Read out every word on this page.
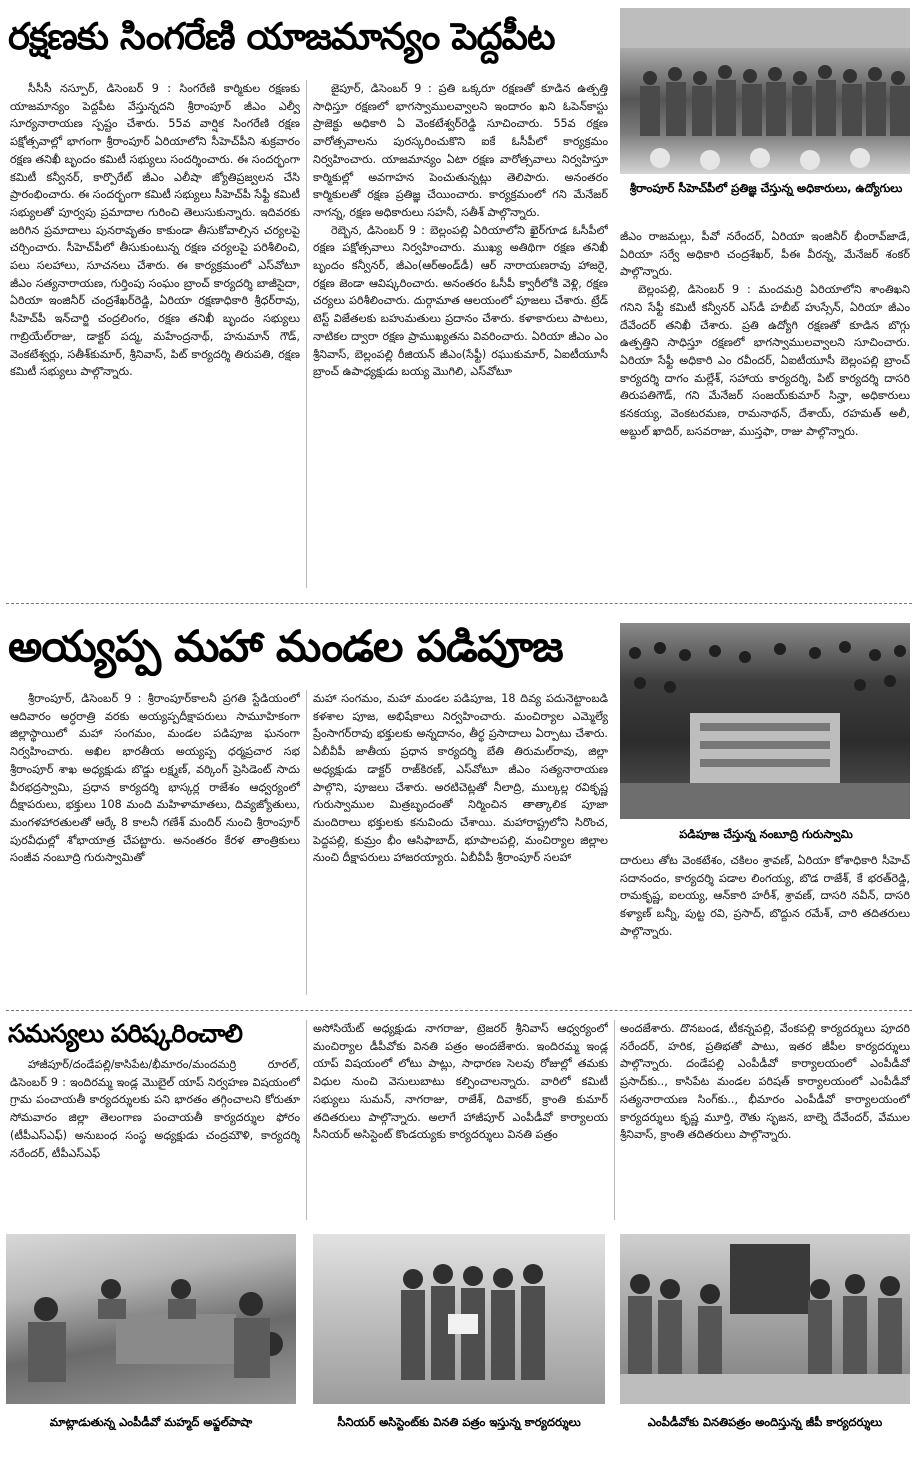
రక్షణకు సింగరేణి యాజమాన్యం పెద్దపీట

సీసీసీ నస్పూర్‌, డిసెంబర్‌ 9 : సింగరేణి కార్మికుల రక్షణకు యాజమాన్యం పెద్దపీట వేస్తున్నదని శ్రీరాంపూర్‌ జీఎం ఎల్వీ సూర్యనారాయణ స్పష్టం చేశారు. 55వ వార్షిక సింగరేణి రక్షణ పక్షోత్సవాల్లో భాగంగా శ్రీరాంపూర్‌ ఏరియాలోని సీహెచ్‌పీని శుక్రవారం రక్షణ తనిఖీ బృందం కమిటీ సభ్యులు సందర్శించారు. ఈ సందర్భంగా కమిటీ కన్వీనర్‌, కార్పొరేట్‌ జీఎం ఎలీషా జ్యోతిప్రజ్వలన చేసి ప్రారంభించారు. ఈ సందర్భంగా కమిటీ సభ్యులు సీహెచ్‌పీ సేఫ్టీ కమిటీ సభ్యులతో పూర్వపు ప్రమాదాల గురించి తెలుసుకున్నారు. ఇదివరకు జరిగిన ప్రమాదాలు పునరావృతం కాకుండా తీసుకోవాల్సిన చర్యలపై చర్చించారు. సీహెచ్‌పీలో తీసుకుంటున్న రక్షణ చర్యలపై పరిశీలించి, పలు సలహాలు, సూచనలు చేశారు. ఈ కార్యక్రమంలో ఎస్‌వోటూ జీఎం సత్యనారాయణ, గుర్తింపు సంఘం బ్రాంచ్‌ కార్యదర్శి బాజీసైదా, ఏరియా ఇంజినీర్‌ చంద్రశేఖర్‌రెడ్డి, ఏరియా రక్షణాధికారి శ్రీధర్‌రావు, సీహెచ్‌పీ ఇన్‌చార్జి చంద్రలింగం, రక్షణ తనిఖీ బృందం సభ్యులు గాబ్రియేల్‌రాజు, డాక్టర్‌ పద్మ, మహేంద్రనాథ్‌, హనుమాన్‌ గౌడ్‌, వెంకటేశ్వర్లు, సతీశ్‌కుమార్‌, శ్రీనివాస్‌, పిట్‌ కార్యదర్శి తిరుపతి, రక్షణ కమిటీ సభ్యులు పాల్గొన్నారు.

జైపూర్‌, డిసెంబర్‌ 9 : ప్రతి ఒక్కరూ రక్షణతో కూడిన ఉత్పత్తి సాధిస్తూ రక్షణలో భాగస్వాములవ్వాలని ఇందారం ఖని ఓపెన్‌కాస్టు ప్రాజెక్టు అధికారి ఏ వెంకటేశ్వర్‌రెడ్డి సూచించారు. 55వ రక్షణ వారోత్సవాలను పురస్కరించుకొని ఐకే ఓసీపీలో కార్యక్రమం నిర్వహించారు. యాజమాన్యం ఏటా రక్షణ వారోత్సవాలు నిర్వహిస్తూ కార్మికుల్లో అవగాహన పెంచుతున్నట్లు తెలిపారు. అనంతరం కార్మికులతో రక్షణ ప్రతిజ్ఞ చేయించారు. కార్యక్రమంలో గని మేనేజర్‌ నాగన్న, రక్షణ అధికారులు సహనీ, సతీశ్‌ పాల్గొన్నారు.

రెబ్బెన, డిసెంబర్‌ 9 : బెల్లంపల్లి ఏరియాలోని ఖైర్‌గూడ ఓసీపీలో రక్షణ పక్షోత్సవాలు నిర్వహించారు. ముఖ్య అతిథిగా రక్షణ తనిఖీ బృందం కన్వీనర్‌, జీఎం(ఆర్‌అండ్‌డీ) ఆర్‌ నారాయణరావు హాజరై, రక్షణ జెండా ఆవిష్కరించారు. అనంతరం ఓసీపీ క్వారీలోకి వెళ్లి, రక్షణ చర్యలు పరిశీలించారు. దుర్గామాత ఆలయంలో పూజలు చేశారు. ట్రేడ్‌ టెస్ట్‌ విజేతలకు బహుమతులు ప్రదానం చేశారు. కళాకారులు పాటలు, నాటికల ద్వారా రక్షణ ప్రాముఖ్యతను వివరించారు. ఏరియా జీఎం ఎం శ్రీనివాస్‌, బెల్లంపల్లి రీజియన్‌ జీఎం(సేఫ్టీ) రఘుకుమార్‌, ఏఐటీయూసీ బ్రాంచ్‌ ఉపాధ్యక్షుడు బయ్య మొగిలి, ఎస్‌వోటూ

శ్రీరాంపూర్‌ సీహెచ్‌పీలో ప్రతిజ్ఞ చేస్తున్న అధికారులు, ఉద్యోగులు

జీఎం రాజమల్లు, పీవో నరేందర్‌, ఏరియా ఇంజినీర్‌ భీంరావ్‌జాడే, ఏరియా సర్వే అధికారి చంద్రశేఖర్‌, పీఈ వీరన్న, మేనేజర్‌ శంకర్‌ పాల్గొన్నారు.

బెల్లంపల్లి, డిసెంబర్‌ 9 : మందమర్రి ఏరియాలోని శాంతిఖని గనిని సేఫ్టీ కమిటీ కన్వీనర్‌ ఎస్‌డీ హబీబ్‌ హుస్సేన్‌, ఏరియా జీఎం దేవేందర్‌ తనిఖీ చేశారు. ప్రతి ఉద్యోగి రక్షణతో కూడిన బొగ్గు ఉత్పత్తిని సాధిస్తూ రక్షణలో భాగస్వాములవ్వాలని సూచించారు. ఏరియా సేఫ్టీ అధికారి ఎం రవీందర్‌, ఏఐటీయూసీ బెల్లంపల్లి బ్రాంచ్‌ కార్యదర్శి దాగం మల్లేశ్‌, సహాయ కార్యదర్శి, పిట్‌ కార్యదర్శి దాసరి తిరుపతిగౌడ్‌, గని మేనేజర్‌ సంజయ్‌కుమార్‌ సిన్హా, అధికారులు కనకయ్య, వెంకటరమణ, రామనాథన్‌, దేశాయ్‌, రహమత్‌ అలీ, అబ్దుల్‌ ఖాదిర్‌, బసవరాజు, ముస్తఫా, రాజు పాల్గొన్నారు.

అయ్యప్ప మహా మండల పడిపూజ

శ్రీరాంపూర్‌, డిసెంబర్‌ 9 : శ్రీరాంపూర్‌కాలనీ ప్రగతి స్టేడియంలో ఆదివారం అర్ధరాత్రి వరకు అయ్యప్పదీక్షాపరులు సామూహికంగా జిల్లాస్థాయిలో మహా సంగమం, మండల పడిపూజ ఘనంగా నిర్వహించారు. అఖిల భారతీయ అయ్యప్ప ధర్మప్రచార సభ శ్రీరాంపూర్‌ శాఖ అధ్యక్షుడు బొడ్డు లక్ష్మణ్‌, వర్కింగ్‌ ప్రెసిడెంట్‌ సాదు వీరభద్రస్వామి, ప్రధాన కార్యదర్శి భాస్కర్ల రాజేశం ఆధ్వర్యంలో దీక్షాపరులు, భక్తులు 108 మంది మహిళామాతలు, దివ్యజ్యోతులు, మంగళహారతులతో ఆర్కే 8 కాలనీ గణేశ్‌ మందిర్‌ నుంచి శ్రీరాంపూర్‌ పురవీధుల్లో శోభాయాత్ర చేపట్టారు. అనంతరం కేరళ తాంత్రికులు సంజీవ నంబూద్రి గురుస్వామితో

మహా సంగమం, మహా మండల పడిపూజ, 18 దివ్య పదునెట్టాంబడి కళశాల పూజ, అభిషేకాలు నిర్వహించారు. మంచిర్యాల ఎమ్మెల్యే ప్రేంసాగర్‌రావు భక్తులకు అన్నదానం, తీర్థ ప్రసాదాలు ఏర్పాటు చేశారు. ఏబీవీపీ జాతీయ ప్రధాన కార్యదర్శి బేతి తిరుమల్‌రావు, జిల్లా అధ్యక్షుడు డాక్టర్‌ రాజ్‌కిరణ్‌, ఎస్‌వోటూ జీఎం సత్యనారాయణ పాల్గొని, పూజలు చేశారు. అరటిచెట్లతో నీలాద్రి, ముల్కల్ల రవికృష్ణ గురుస్వాముల మిత్రబృందంతో నిర్మించిన తాత్కాలిక పూజా మందిరాలు భక్తులకు కనువిందు చేశాయి. మహారాష్ట్రలోని సిరొంచ, పెద్దపల్లి, కుమ్రం భీం ఆసిఫాబాద్‌, భూపాలపల్లి, మంచిర్యాల జిల్లాల నుంచి దీక్షాపరులు హాజరయ్యారు. ఏబీవీపీ శ్రీరాంపూర్‌ సలహా

పడిపూజ చేస్తున్న నంబూద్రి గురుస్వామి

దారులు తోట వెంకటేశం, చకిలం శ్రావణ్‌, ఏరియా కోశాధికారి సీహెచ్‌ సదానందం, కార్యదర్శి పడాల లింగయ్య, బొడ రాజేశ్‌, కే భరత్‌రెడ్డి, రామకృష్ణ, ఐలయ్య, ఆన్‌కారి హరీశ్‌, శ్రావణ్‌, దాసరి నవీన్‌, దాసరి కళ్యాణ్‌ బన్నీ, పుట్ట రవి, ప్రసాద్‌, బొద్దున రమేశ్‌, చారి తదితరులు పాల్గొన్నారు.

సమస్యలు పరిష్కరించాలి

హాజీపూర్‌/దండేపల్లి/కాసిపేట/భీమారం/మందమర్రి రూరల్‌, డిసెంబర్‌ 9 : ఇందిరమ్మ ఇండ్ల మొబైల్‌ యాప్‌ నిర్వహణ విషయంలో గ్రామ పంచాయతీ కార్యదర్శులకు పని భారతం తగ్గించాలని కోరుతూ సోమవారం జిల్లా తెలంగాణ పంచాయతీ కార్యదర్శుల ఫోరం (టీపీఎస్‌ఎఫ్‌) అనుబంధ సంస్థ అధ్యక్షుడు చంద్రమౌళి, కార్యదర్శి నరేందర్‌, టీపీఎస్‌ఎఫ్‌

అసోసియేట్‌ అధ్యక్షుడు నాగరాజు, ట్రెజరర్‌ శ్రీనివాస్‌ ఆధ్వర్యంలో మంచిర్యాల డీపీవోకు వినతి పత్రం అందజేశారు. ఇందిరమ్మ ఇండ్ల యాప్‌ విషయంలో లోటు పాట్లు, సాధారణ సెలవు రోజుల్లో తమకు విధుల నుంచి వెసులుబాటు కల్పించాలన్నారు. వారిలో కమిటీ సభ్యులు సుమన్‌, నాగరాజు, రాజేశ్‌, దివాకర్‌, క్రాంతి కుమార్‌ తదితరులు పాల్గొన్నారు. అలాగే హాజీపూర్‌ ఎంపీడీవో కార్యాలయ సీనియర్‌ అసిస్టెంట్‌ కొండయ్యకు కార్యదర్శులు వినతి పత్రం

అందజేశారు. దొనబండ, టీకన్నపల్లి, వేంకపల్లి కార్యదర్శులు పూదరి నరేందర్‌, హరిక, ప్రతిభతో పాటు, ఇతర జీపీల కార్యదర్శులు పాల్గొన్నారు. దండేపల్లి ఎంపీడీవో కార్యాలయంలో ఎంపీడీవో ప్రసాద్‌కు.., కాసిపేట మండల పరిషత్‌ కార్యాలయంలో ఎంపీడీవో సత్యనారాయణ సింగ్‌కు.., భీమారం ఎంపీడీవో కార్యాలయంలో కార్యదర్శులు కృష్ణ మూర్తి, రౌతు సృజన, బాల్నె దేవేందర్‌, వేముల శ్రీనివాస్‌, క్రాంతి తదితరులు పాల్గొన్నారు.

మాట్లాడుతున్న ఎంపీడీవో మహ్మద్‌ అఫ్జల్‌పాషా	సీనియర్‌ అసిస్టెంట్‌కు వినతి పత్రం ఇస్తున్న కార్యదర్శులు	ఎంపీడీవోకు వినతిపత్రం అందిస్తున్న జీపీ కార్యదర్శులు
